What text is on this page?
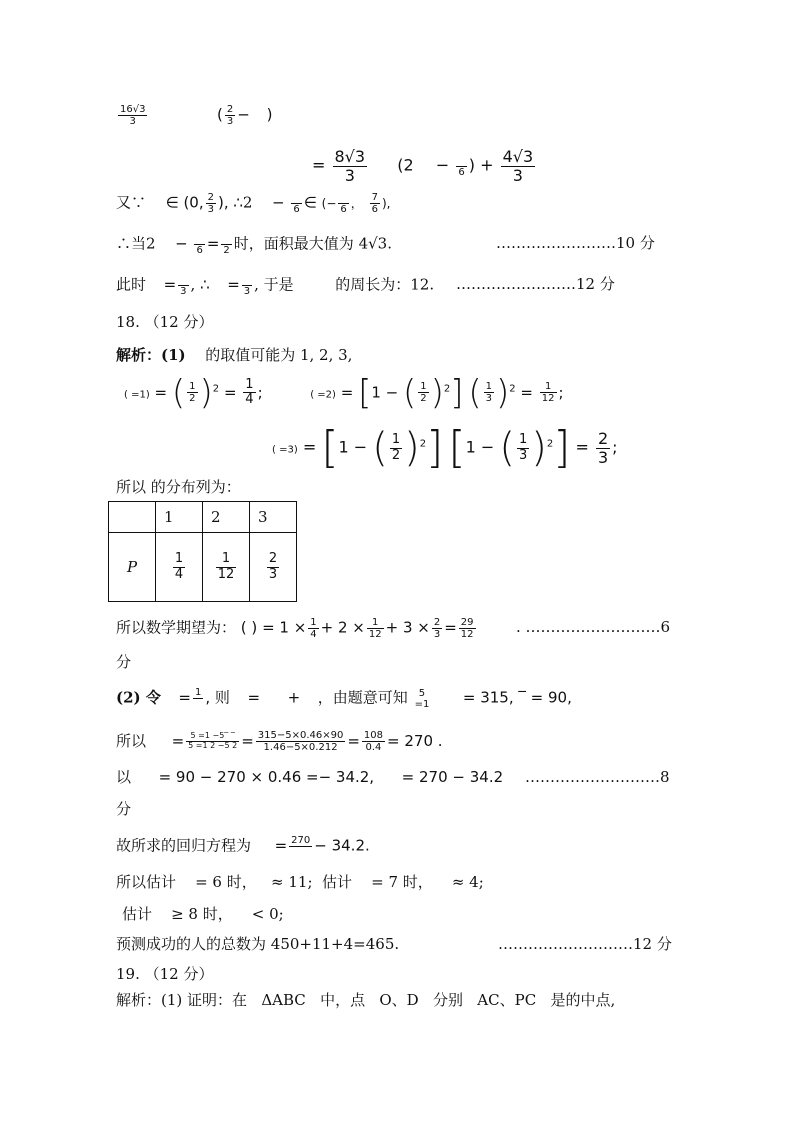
$\frac{16√3}{3}$	( $\frac{2}{3}$ − )
= $\frac{8√3}{3} (2$ −
6 ) + $\frac{4√3}{3}$
又∵ ∈ (0, $\frac{2}{3}$ ), ∴2 −
6 ∈ (−
6 ， $\frac{7}{6}$ ),
∴当2 −
6 =
2 时，面积最大值为 4√3.	……………………10 分
此时 =
3 , ∴ =
3 , 于是	的周长为：12. ……………………12 分
18. （12 分）
解析：(1) 的取值可能为 1, 2, 3,
( =1) = ( $\frac{1}{2} )^2 = \frac{1}{4}$ ;	( =2) = [1 − ( $\frac{1}{2} )^2$] ( $\frac{1}{3} )^2 = \frac{1}{12}$ ;
( =3) = [1 − ( $\frac{1}{2} )^2$] [1 − ( $\frac{1}{3} )^2] = \frac{2}{3}$ ;
所以 的分布列为：
	1	2	3
P	$\frac{1}{4}$	$\frac{1}{12}$	$\frac{2}{3}$
所以数学期望为： ( ) = $1 \times \frac{1}{4} + 2 \times \frac{1}{12} + 3 \times \frac{2}{3} = \frac{29}{12}$	. ………………………6
分
(2) 令 = 1
, 则 = + ，由题意可知	5
=1 = 315, ‾ = 90,
所以 = $\frac{5 =1 -5‾ ‾}{5 =1 2 -5 2} = \frac{315-5\times 0.46\times 90}{1.46-5\times 0.212} = \frac{108}{0.4} = 270$ .
以 = 90 − 270 × 0.46 =− 34.2, = 270 − 34.2 ………………………8
分
故所求的回归方程为 = 270
− 34.2.
所以估计    = 6 时，   ≈ 11;  估计    = 7 时，    ≈ 4;
估计    ≥ 8 时，    < 0;
预测成功的人的总数为 450+11+4=465.	………………………12 分
19. （12 分）
解析：(1) 证明：在   ΔABC   中，点   O、D   分别   AC、PC   是的中点,
